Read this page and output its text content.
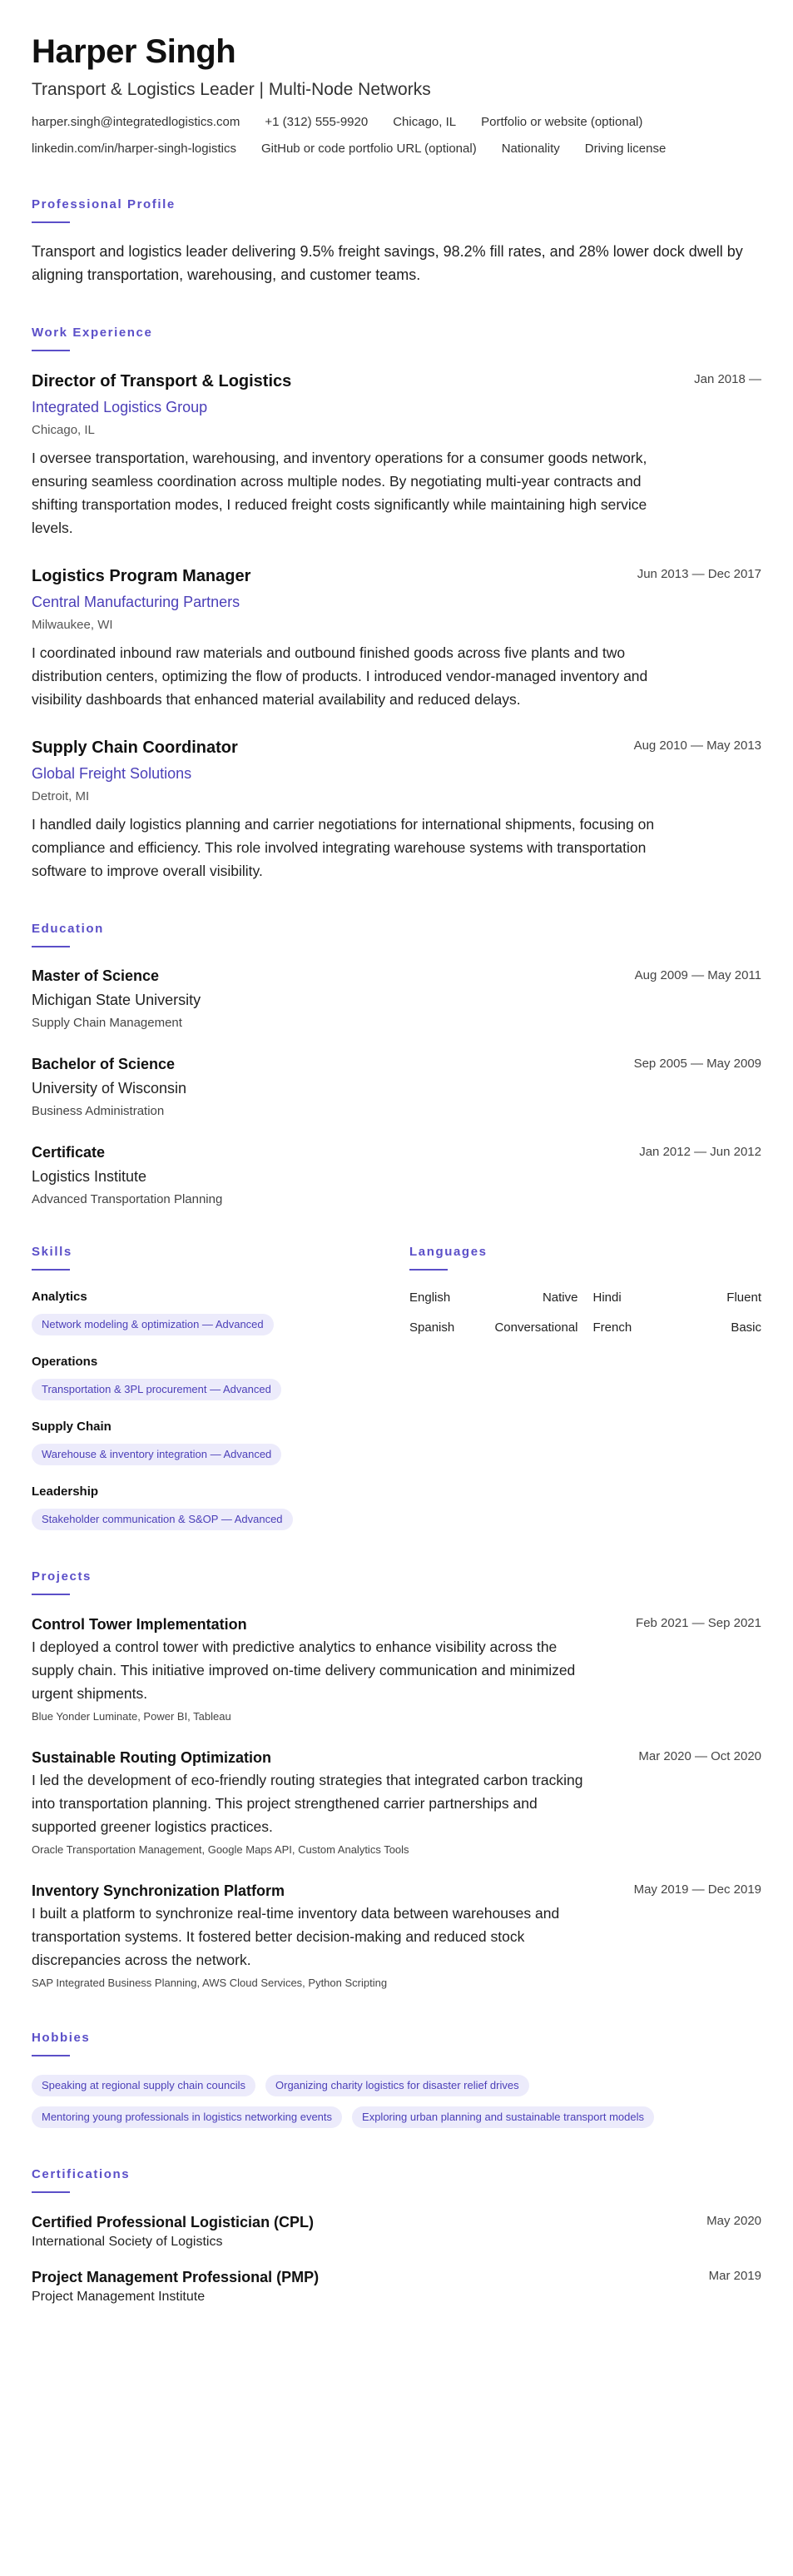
Harper Singh
Transport & Logistics Leader | Multi-Node Networks
harper.singh@integratedlogistics.com +1 (312) 555-9920 Chicago, IL Portfolio or website (optional)
linkedin.com/in/harper-singh-logistics GitHub or code portfolio URL (optional) Nationality Driving license
Professional Profile

Transport and logistics leader delivering 9.5% freight savings, 98.2% fill rates, and 28% lower dock dwell by aligning transportation, warehousing, and customer teams.

Work Experience
Director of Transport & Logistics	Jan 2018 —
Integrated Logistics Group
Chicago, IL

I oversee transportation, warehousing, and inventory operations for a consumer goods network, ensuring seamless coordination across multiple nodes. By negotiating multi-year contracts and shifting transportation modes, I reduced freight costs significantly while maintaining high service levels.

Logistics Program Manager	Jun 2013 — Dec 2017
Central Manufacturing Partners
Milwaukee, WI

I coordinated inbound raw materials and outbound finished goods across five plants and two distribution centers, optimizing the flow of products. I introduced vendor-managed inventory and visibility dashboards that enhanced material availability and reduced delays.

Supply Chain Coordinator	Aug 2010 — May 2013
Global Freight Solutions
Detroit, MI

I handled daily logistics planning and carrier negotiations for international shipments, focusing on compliance and efficiency. This role involved integrating warehouse systems with transportation software to improve overall visibility.

Education
Master of Science	Aug 2009 — May 2011
Michigan State University
Supply Chain Management
Bachelor of Science	Sep 2005 — May 2009
University of Wisconsin
Business Administration
Certificate	Jan 2012 — Jun 2012
Logistics Institute
Advanced Transportation Planning
Skills
Analytics
Network modeling & optimization — Advanced
Operations
Transportation & 3PL procurement — Advanced
Supply Chain
Warehouse & inventory integration — Advanced
Leadership
Stakeholder communication & S&OP — Advanced
Languages
English	Native Hindi	Fluent
Spanish	Conversational French	Basic
Projects
Control Tower Implementation	Feb 2021 — Sep 2021

I deployed a control tower with predictive analytics to enhance visibility across the supply chain. This initiative improved on-time delivery communication and minimized urgent shipments.

Blue Yonder Luminate, Power BI, Tableau
Sustainable Routing Optimization	Mar 2020 — Oct 2020

I led the development of eco-friendly routing strategies that integrated carbon tracking into transportation planning. This project strengthened carrier partnerships and supported greener logistics practices.

Oracle Transportation Management, Google Maps API, Custom Analytics Tools
Inventory Synchronization Platform	May 2019 — Dec 2019

I built a platform to synchronize real-time inventory data between warehouses and transportation systems. It fostered better decision-making and reduced stock discrepancies across the network.

SAP Integrated Business Planning, AWS Cloud Services, Python Scripting
Hobbies
Speaking at regional supply chain councils	Organizing charity logistics for disaster relief drives
Mentoring young professionals in logistics networking events	Exploring urban planning and sustainable transport models
Certifications
Certified Professional Logistician (CPL)	May 2020
International Society of Logistics
Project Management Professional (PMP)	Mar 2019
Project Management Institute
